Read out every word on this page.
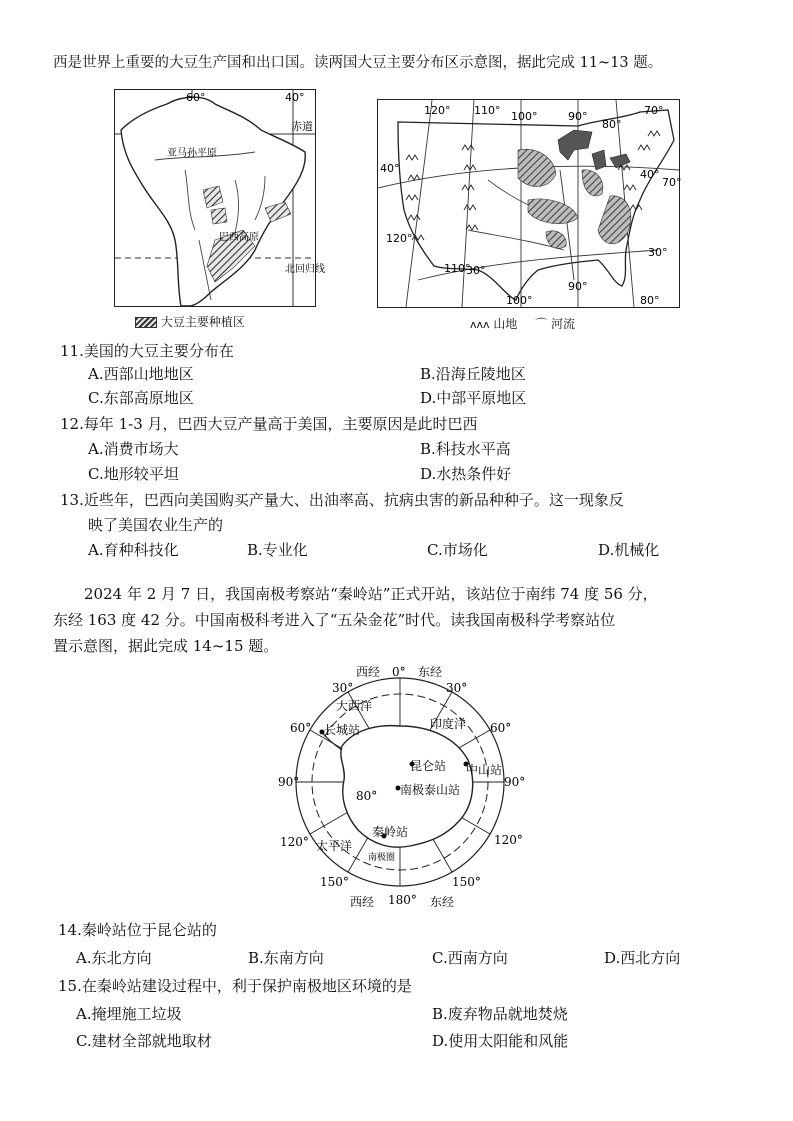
西是世界上重要的大豆生产国和出口国。读两国大豆主要分布区示意图，据此完成 11~13 题。
60°	40°
赤道
亚马孙平原
巴西高原
北回归线
大豆主要种植区
120° 110° 100°	90°
80°
70°
40°
120°
110°
30°
100°
90°
80°
30°
40°
70°
ᴧᴧᴧ 山地 ⌒ 河流
11.美国的大豆主要分布在
A.西部山地地区	B.沿海丘陵地区
C.东部高原地区	D.中部平原地区
12.每年 1-3 月，巴西大豆产量高于美国，主要原因是此时巴西
A.消费市场大	B.科技水平高
C.地形较平坦	D.水热条件好
13.近些年，巴西向美国购买产量大、出油率高、抗病虫害的新品种种子。这一现象反
映了美国农业生产的
A.育种科技化	B.专业化	C.市场化	D.机械化
2024 年 2 月 7 日，我国南极考察站“秦岭站”正式开站，该站位于南纬 74 度 56 分，
东经 163 度 42 分。中国南极科考进入了“五朵金花”时代。读我国南极科学考察站位
置示意图，据此完成 14~15 题。
西经 0° 东经
30°	30°
大西洋
印度洋
60°	60°
长城站
昆仑站 中山站
90°	90°
80° 南极泰山站
秦岭站
120°	120°
太平洋
南极圈
150°	150°
西经 180° 东经
14.秦岭站位于昆仑站的
A.东北方向	B.东南方向	C.西南方向	D.西北方向
15.在秦岭站建设过程中，利于保护南极地区环境的是
A.掩埋施工垃圾	B.废弃物品就地焚烧
C.建材全部就地取材	D.使用太阳能和风能
